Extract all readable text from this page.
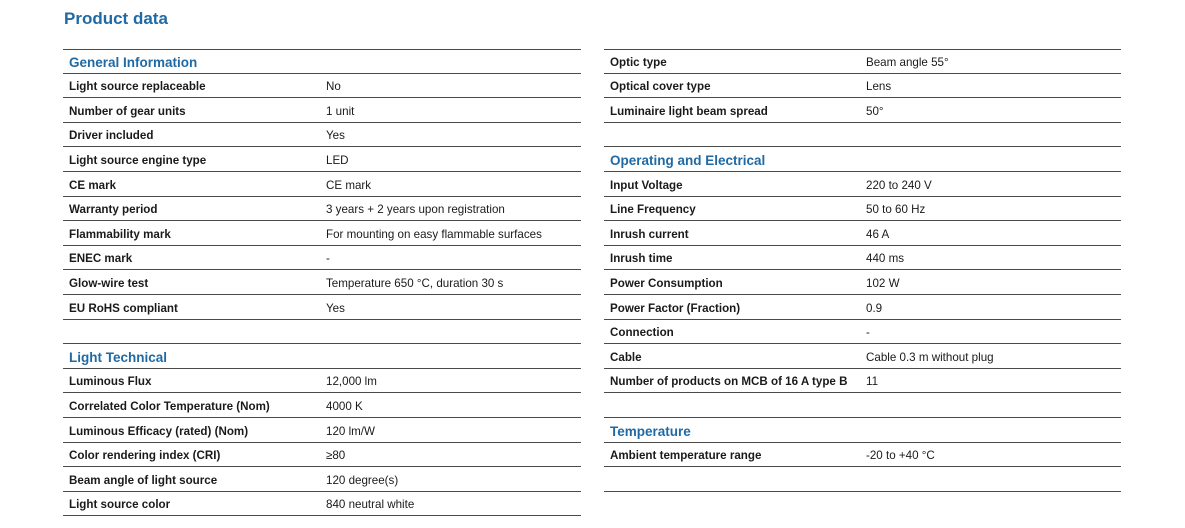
Product data
General Information
Light source replaceable	No
Number of gear units	1 unit
Driver included	Yes
Light source engine type	LED
CE mark	CE mark
Warranty period	3 years + 2 years upon registration
Flammability mark	For mounting on easy flammable surfaces
ENEC mark	-
Glow-wire test	Temperature 650 °C, duration 30 s
EU RoHS compliant	Yes
Light Technical
Luminous Flux	12,000 lm
Correlated Color Temperature (Nom)	4000 K
Luminous Efficacy (rated) (Nom)	120 lm/W
Color rendering index (CRI)	≥80
Beam angle of light source	120 degree(s)
Light source color	840 neutral white
Optic type	Beam angle 55°
Optical cover type	Lens
Luminaire light beam spread	50°
Operating and Electrical
Input Voltage	220 to 240 V
Line Frequency	50 to 60 Hz
Inrush current	46 A
Inrush time	440 ms
Power Consumption	102 W
Power Factor (Fraction)	0.9
Connection	-
Cable	Cable 0.3 m without plug
Number of products on MCB of 16 A type B 11
Temperature
Ambient temperature range	-20 to +40 °C
